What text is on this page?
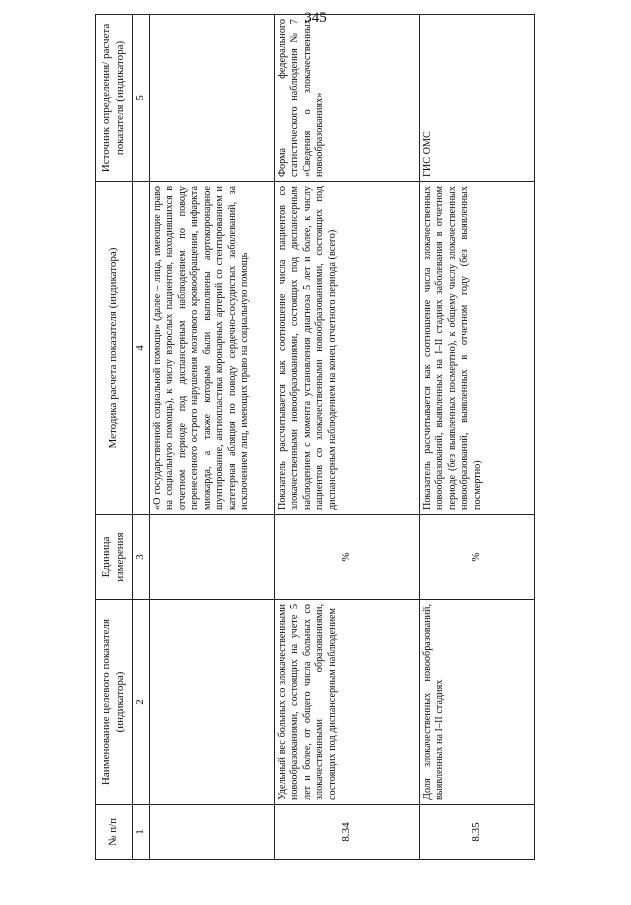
345
№ п/п	Наименование целевого показателя (индикатора)	Единица измерения	Методика расчета показателя (индикатора)	Источник определения/ расчета показателя (индикатора)
1	2	3	4	5
			«О государственной социальной помощи» (далее – лица, имеющие право на социальную помощь), к числу взрослых пациентов, находившихся в отчетном периоде под диспансерным наблюдением по поводу перенесенного острого нарушения мозгового кровообращения, инфаркта миокарда, а также которым были выполнены аортокоронарное шунтирование, ангиопластика коронарных артерий со стентированием и катетерная абляция по поводу сердечно-сосудистых заболеваний, за исключением лиц, имеющих право на социальную помощь	
8.34	Удельный вес больных со злокачественными новообразованиями, состоящих на учете 5 лет и более, от общего числа больных со злокачественными образованиями, состоящих под диспансерным наблюдением	%	Показатель рассчитывается как соотношение числа пациентов со злокачественными новообразованиями, состоящих под диспансерным наблюдением с момента установления диагноза 5 лет и более, к числу пациентов со злокачественными новообразованиями, состоящих под диспансерным наблюдением на конец отчетного периода (всего)	Форма федерального статистического наблюдения № 7 «Сведения о злокачественных новообразованиях»
8.35	Доля злокачественных новообразований, выявленных на I–II стадиях	%	Показатель рассчитывается как соотношение числа злокачественных новообразований, выявленных на I–II стадиях заболевания в отчетном периоде (без выявленных посмертно), к общему числу злокачественных новообразований, выявленных в отчетном году (без выявленных посмертно)	ГИС ОМС
